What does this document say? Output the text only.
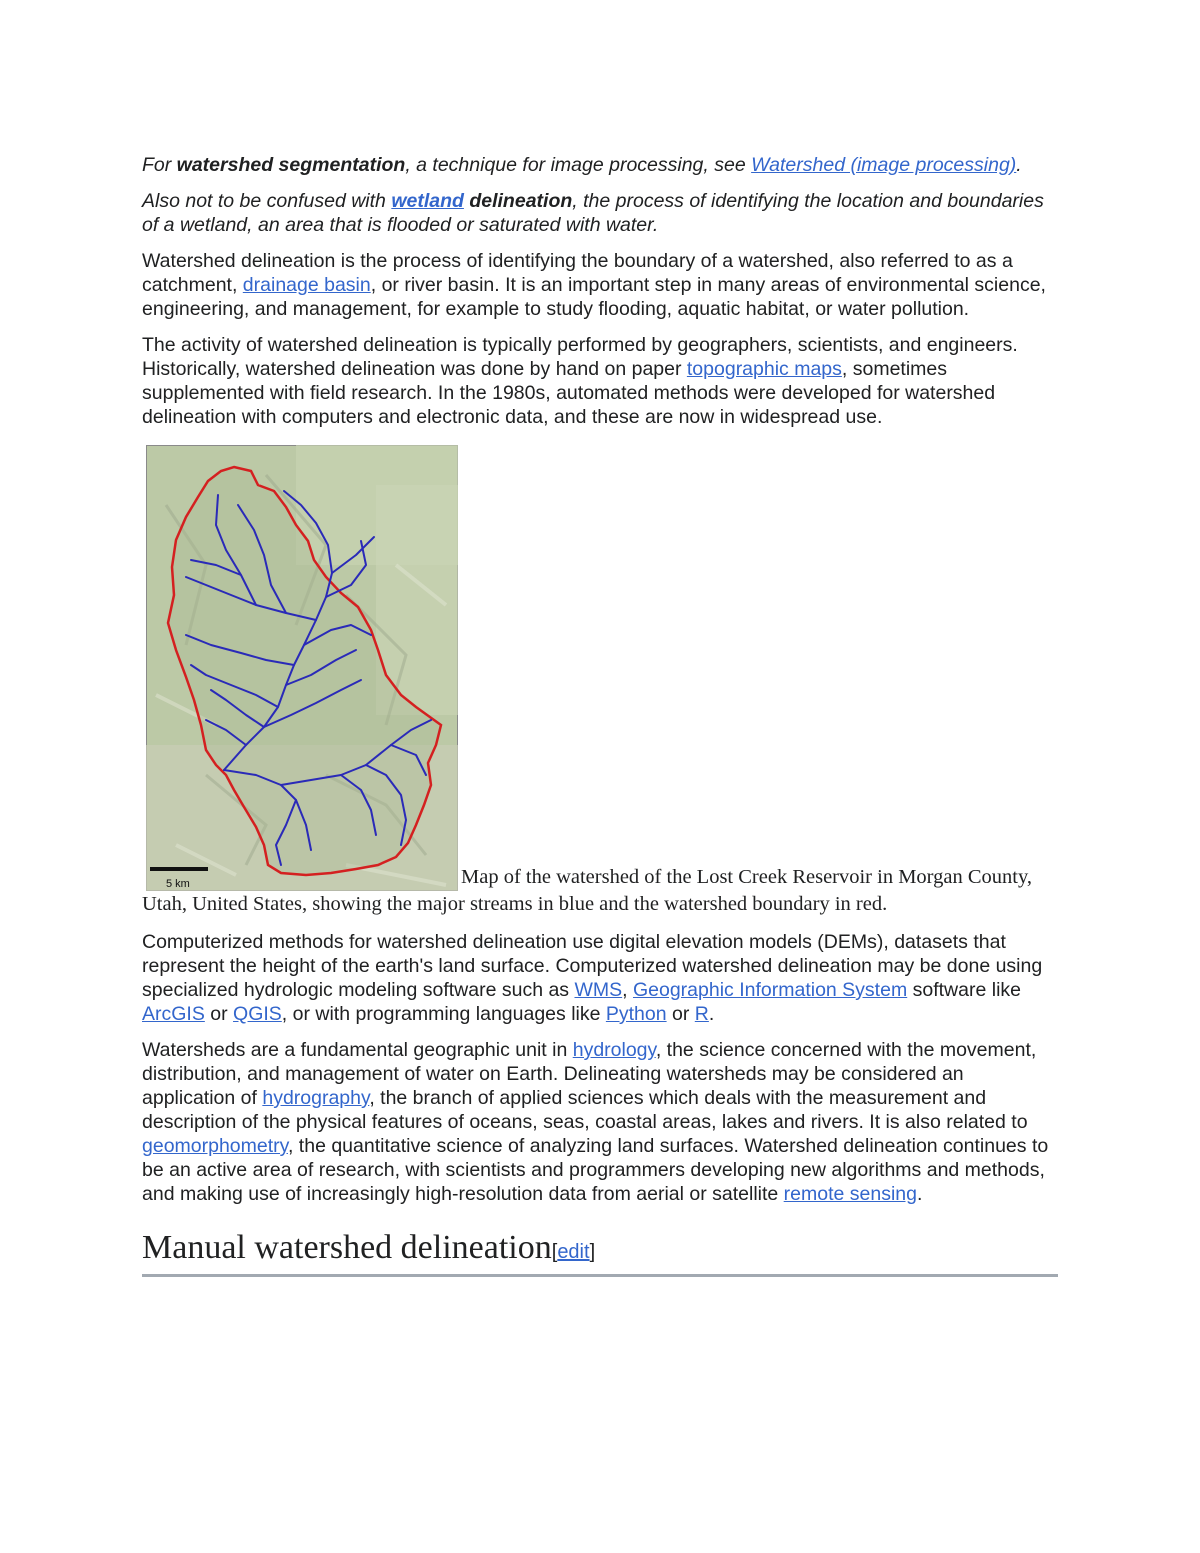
For watershed segmentation, a technique for image processing, see Watershed (image processing).

Also not to be confused with wetland delineation, the process of identifying the location and boundaries of a wetland, an area that is flooded or saturated with water.

Watershed delineation is the process of identifying the boundary of a watershed, also referred to as a catchment, drainage basin, or river basin. It is an important step in many areas of environmental science, engineering, and management, for example to study flooding, aquatic habitat, or water pollution.

The activity of watershed delineation is typically performed by geographers, scientists, and engineers. Historically, watershed delineation was done by hand on paper topographic maps, sometimes supplemented with field research. In the 1980s, automated methods were developed for watershed delineation with computers and electronic data, and these are now in widespread use.

5 km	Map of the watershed of the Lost Creek Reservoir in Morgan County, Utah, United States, showing the major streams in blue and the watershed boundary in red.

Computerized methods for watershed delineation use digital elevation models (DEMs), datasets that represent the height of the earth's land surface. Computerized watershed delineation may be done using specialized hydrologic modeling software such as WMS, Geographic Information System software like ArcGIS or QGIS, or with programming languages like Python or R.

Watersheds are a fundamental geographic unit in hydrology, the science concerned with the movement, distribution, and management of water on Earth. Delineating watersheds may be considered an application of hydrography, the branch of applied sciences which deals with the measurement and description of the physical features of oceans, seas, coastal areas, lakes and rivers. It is also related to geomorphometry, the quantitative science of analyzing land surfaces. Watershed delineation continues to be an active area of research, with scientists and programmers developing new algorithms and methods, and making use of increasingly high-resolution data from aerial or satellite remote sensing.

Manual watershed delineation[edit]
